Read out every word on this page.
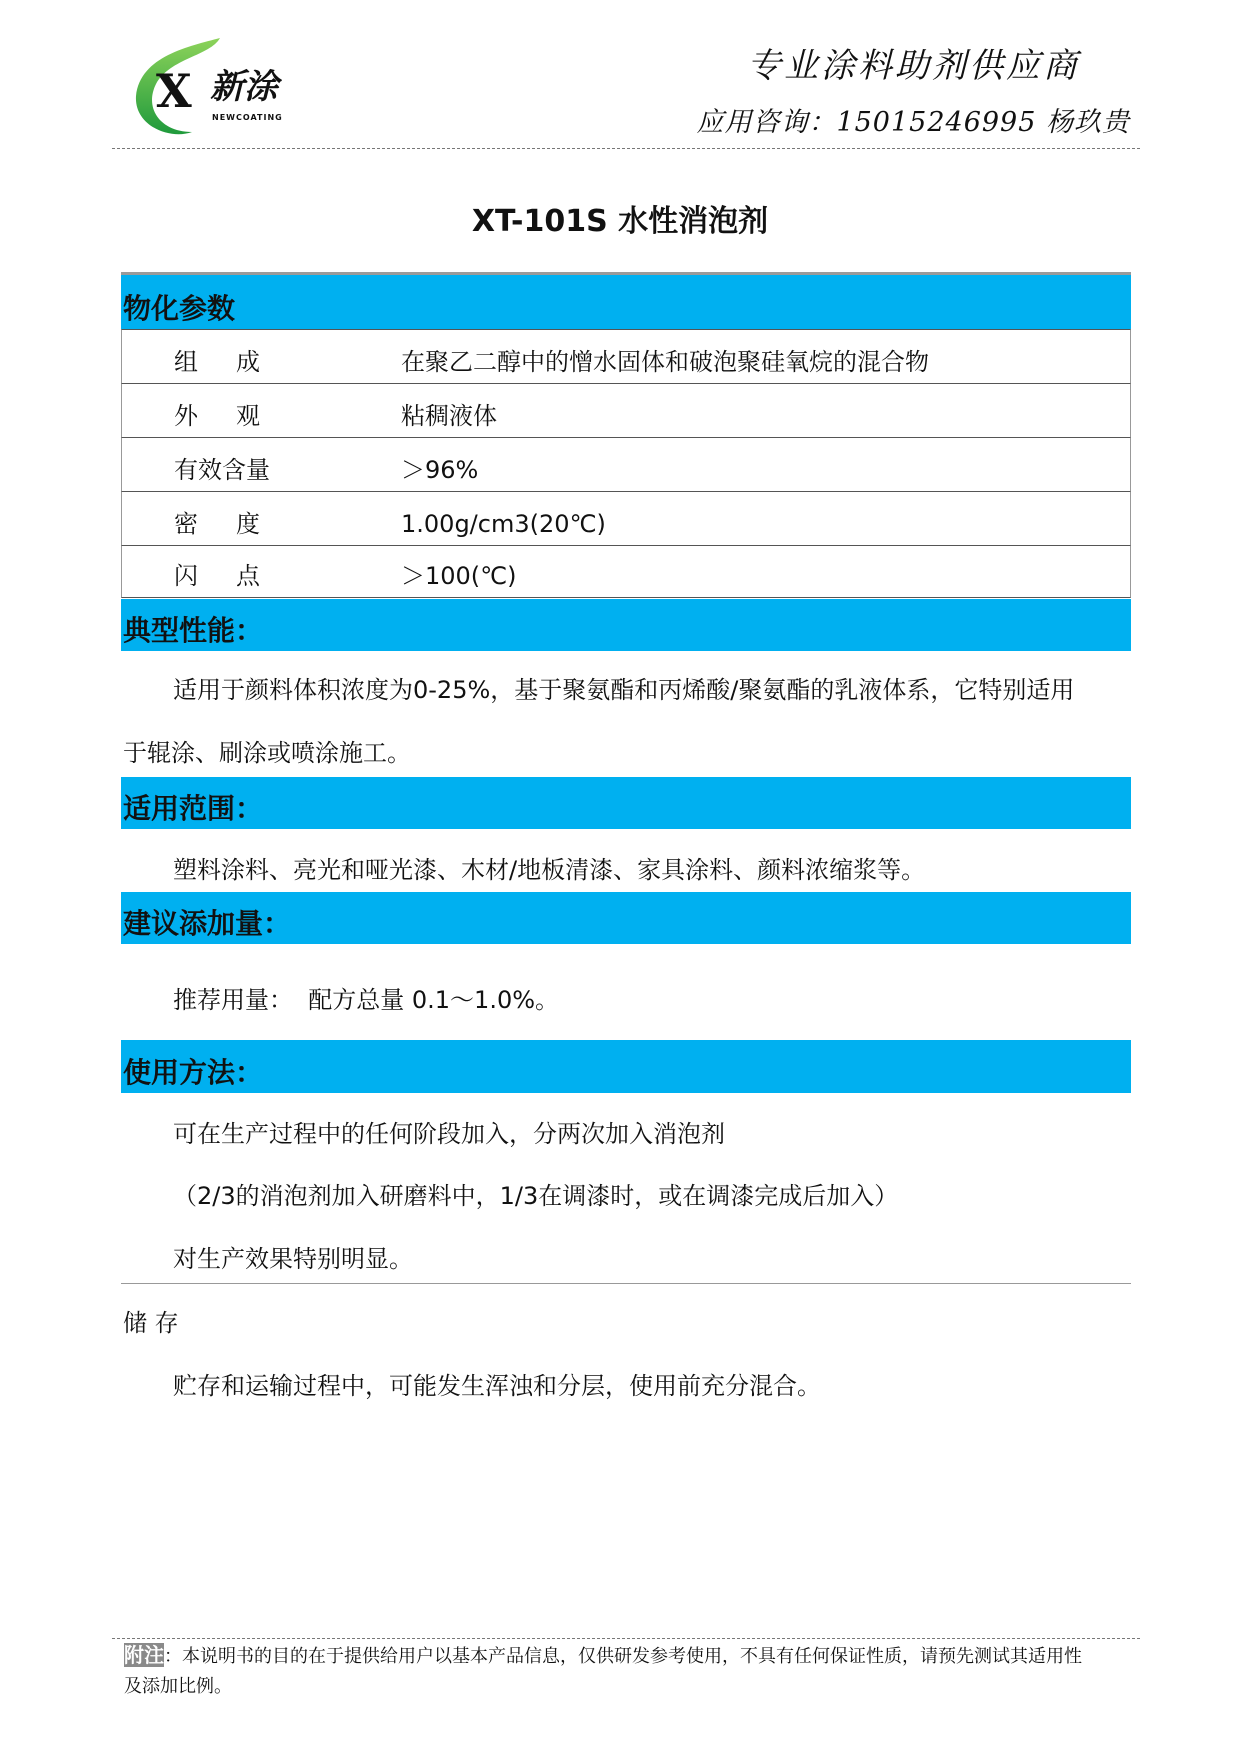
X 新涂
NEWCOATING
专业涂料助剂供应商
应用咨询：15015246995 杨玖贵
XT-101S 水性消泡剂
物化参数
组成	在聚乙二醇中的憎水固体和破泡聚硅氧烷的混合物
外观	粘稠液体
有效含量	＞96%
密度	1.00g/cm3(20℃)
闪点	＞100(℃)
典型性能：
适用于颜料体积浓度为0-25%，基于聚氨酯和丙烯酸/聚氨酯的乳液体系，它特别适用
于辊涂、刷涂或喷涂施工。
适用范围：
塑料涂料、亮光和哑光漆、木材/地板清漆、家具涂料、颜料浓缩浆等。
建议添加量：
推荐用量：  配方总量 0.1～1.0%。
使用方法：
可在生产过程中的任何阶段加入，分两次加入消泡剂
（2/3的消泡剂加入研磨料中，1/3在调漆时，或在调漆完成后加入）
对生产效果特别明显。
储 存
贮存和运输过程中，可能发生浑浊和分层，使用前充分混合。
附注：本说明书的目的在于提供给用户以基本产品信息，仅供研发参考使用，不具有任何保证性质，请预先测试其适用性
及添加比例。
